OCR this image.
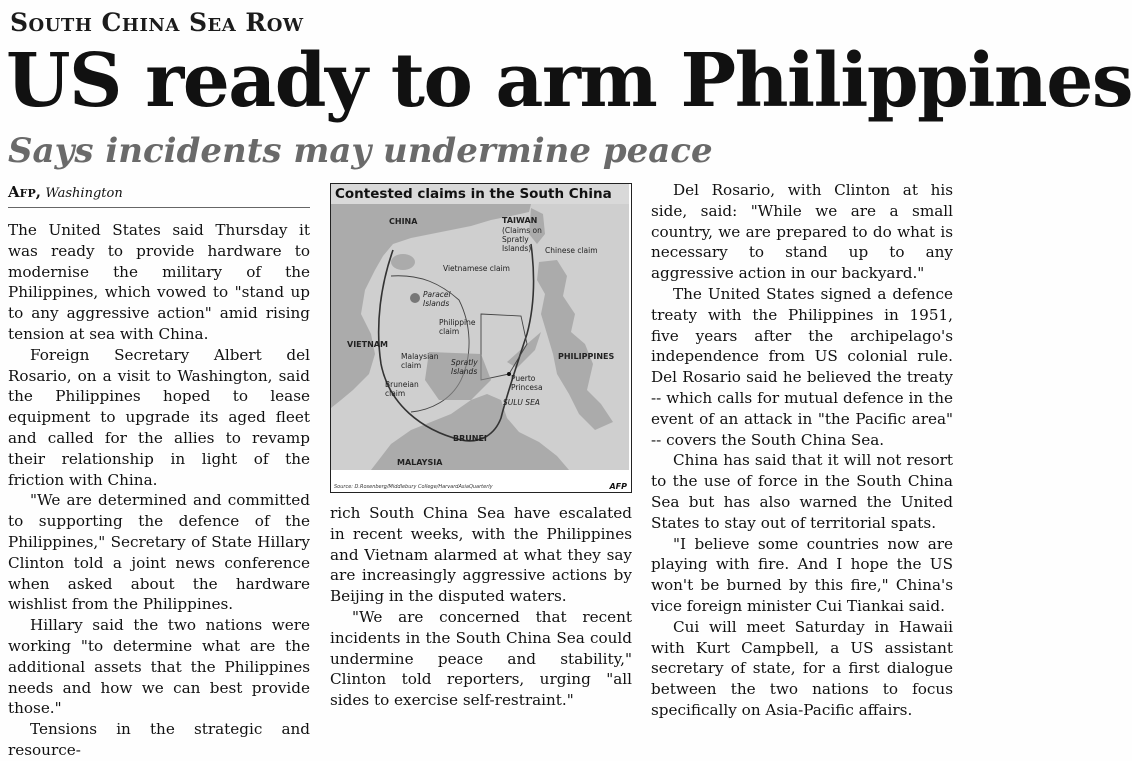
South China Sea Row
US ready to arm Philippines
Says incidents may undermine peace
Afp, Washington

The United States said Thursday it was ready to provide hardware to modernise the military of the Philippines, which vowed to "stand up to any aggressive action" amid rising tension at sea with China.

Foreign Secretary Albert del Rosario, on a visit to Washington, said the Philippines hoped to lease equipment to upgrade its aged fleet and called for the allies to revamp their relationship in light of the friction with China.

"We are determined and committed to supporting the defence of the Philippines," Secretary of State Hillary Clinton told a joint news conference when asked about the hardware wishlist from the Philippines.

Hillary said the two nations were working "to determine what are the additional assets that the Philippines needs and how we can best provide those."

Tensions in the strategic and resource-

Contested claims in the South China
CHINA	TAIWAN
(Claims on Spratly Islands)	Chinese claim
Vietnamese claim
Paracel Islands
Philippine claim
VIETNAM
PHILIPPINES
Malaysian claim	Spratly Islands
Puerto Princesa
Bruneian claim
SULU SEA
BRUNEI
MALAYSIA
Source: D.Rosenberg/Middlebury College/HarvardAsiaQuarterly	AFP

rich South China Sea have escalated in recent weeks, with the Philippines and Vietnam alarmed at what they say are increasingly aggressive actions by Beijing in the disputed waters.

"We are concerned that recent incidents in the South China Sea could undermine peace and stability," Clinton told reporters, urging "all sides to exercise self-restraint."

Del Rosario, with Clinton at his side, said: "While we are a small country, we are prepared to do what is necessary to stand up to any aggressive action in our backyard."

The United States signed a defence treaty with the Philippines in 1951, five years after the archipelago's independence from US colonial rule. Del Rosario said he believed the treaty -- which calls for mutual defence in the event of an attack in "the Pacific area" -- covers the South China Sea.

China has said that it will not resort to the use of force in the South China Sea but has also warned the United States to stay out of territorial spats.

"I believe some countries now are playing with fire. And I hope the US won't be burned by this fire," China's vice foreign minister Cui Tiankai said.

Cui will meet Saturday in Hawaii with Kurt Campbell, a US assistant secretary of state, for a first dialogue between the two nations to focus specifically on Asia-Pacific affairs.
